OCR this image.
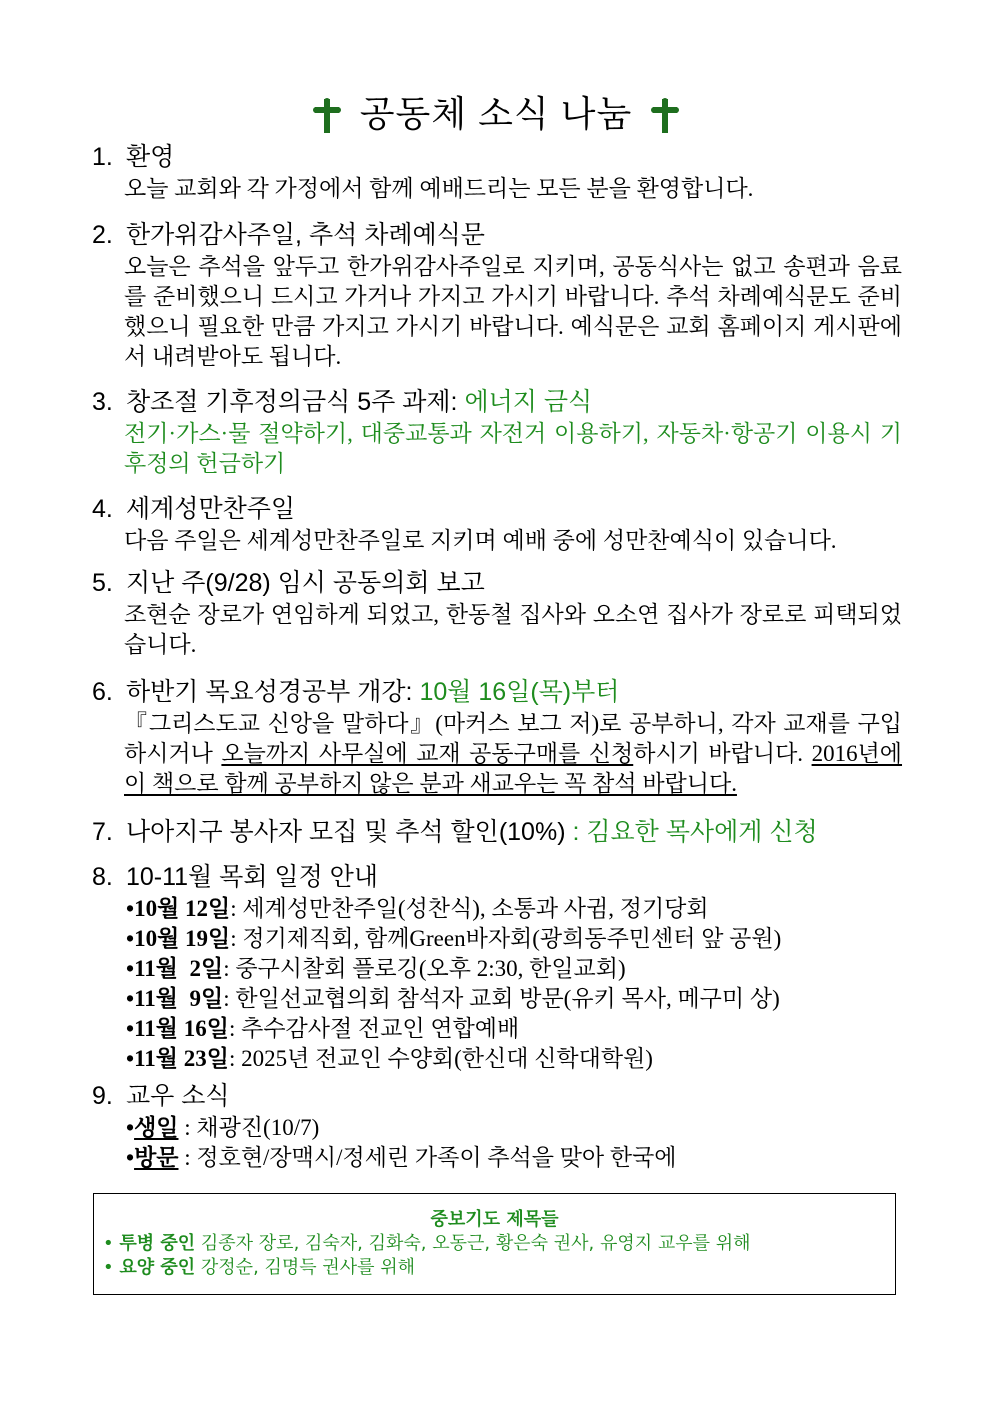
공동체 소식 나눔
1. 환영
오늘 교회와 각 가정에서 함께 예배드리는 모든 분을 환영합니다.
2. 한가위감사주일, 추석 차례예식문
오늘은 추석을 앞두고 한가위감사주일로 지키며, 공동식사는 없고 송편과 음료를 준비했으니 드시고 가거나 가지고 가시기 바랍니다. 추석 차례예식문도 준비했으니 필요한 만큼 가지고 가시기 바랍니다. 예식문은 교회 홈페이지 게시판에서 내려받아도 됩니다.
3. 창조절 기후정의금식 5주 과제: 에너지 금식
전기·가스·물 절약하기, 대중교통과 자전거 이용하기, 자동차·항공기 이용시 기후정의 헌금하기
4. 세계성만찬주일
다음 주일은 세계성만찬주일로 지키며 예배 중에 성만찬예식이 있습니다.
5. 지난 주(9/28) 임시 공동의회 보고
조현순 장로가 연임하게 되었고, 한동철 집사와 오소연 집사가 장로로 피택되었습니다.
6. 하반기 목요성경공부 개강: 10월 16일(목)부터
『그리스도교 신앙을 말하다』(마커스 보그 저)로 공부하니, 각자 교재를 구입하시거나 오늘까지 사무실에 교재 공동구매를 신청하시기 바랍니다. 2016년에 이 책으로 함께 공부하지 않은 분과 새교우는 꼭 참석 바랍니다.
7. 나아지구 봉사자 모집 및 추석 할인(10%) : 김요한 목사에게 신청
8. 10-11월 목회 일정 안내
•10월 12일: 세계성만찬주일(성찬식), 소통과 사귐, 정기당회
•10월 19일: 정기제직회, 함께Green바자회(광희동주민센터 앞 공원)
•11월  2일: 중구시찰회 플로깅(오후 2:30, 한일교회)
•11월  9일: 한일선교협의회 참석자 교회 방문(유키 목사, 메구미 상)
•11월 16일: 추수감사절 전교인 연합예배
•11월 23일: 2025년 전교인 수양회(한신대 신학대학원)
9. 교우 소식
•생일 : 채광진(10/7)
•방문 : 정호현/장맥시/정세린 가족이 추석을 맞아 한국에
중보기도 제목들
• 투병 중인 김종자 장로, 김숙자, 김화숙, 오동근, 황은숙 권사, 유영지 교우를 위해
• 요양 중인 강정순, 김명득 권사를 위해
